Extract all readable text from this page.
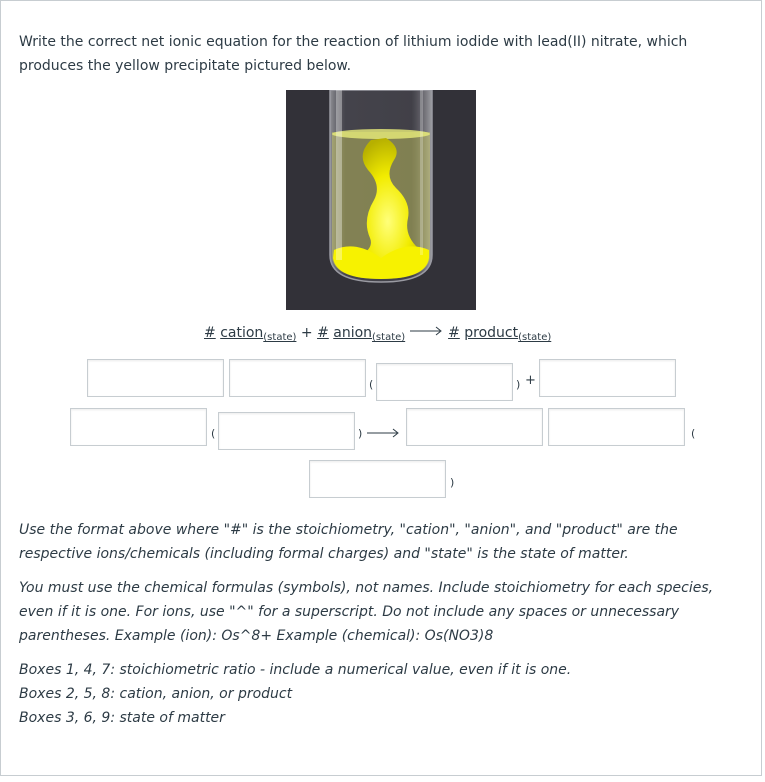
Write the correct net ionic equation for the reaction of lithium iodide with lead(II) nitrate, which produces the yellow precipitate pictured below.

# cation$_{(state)}$ + # anion$_{(state)}$	# product$_{(state)}$
(	) +
(	) →	(
)

Use the format above where "#" is the stoichiometry, "cation", "anion", and "product" are the respective ions/chemicals (including formal charges) and "state" is the state of matter.

You must use the chemical formulas (symbols), not names. Include stoichiometry for each species, even if it is one. For ions, use "^" for a superscript. Do not include any spaces or unnecessary parentheses. Example (ion): Os^8+ Example (chemical): Os(NO3)8

Boxes 1, 4, 7: stoichiometric ratio - include a numerical value, even if it is one.
Boxes 2, 5, 8: cation, anion, or product
Boxes 3, 6, 9: state of matter
